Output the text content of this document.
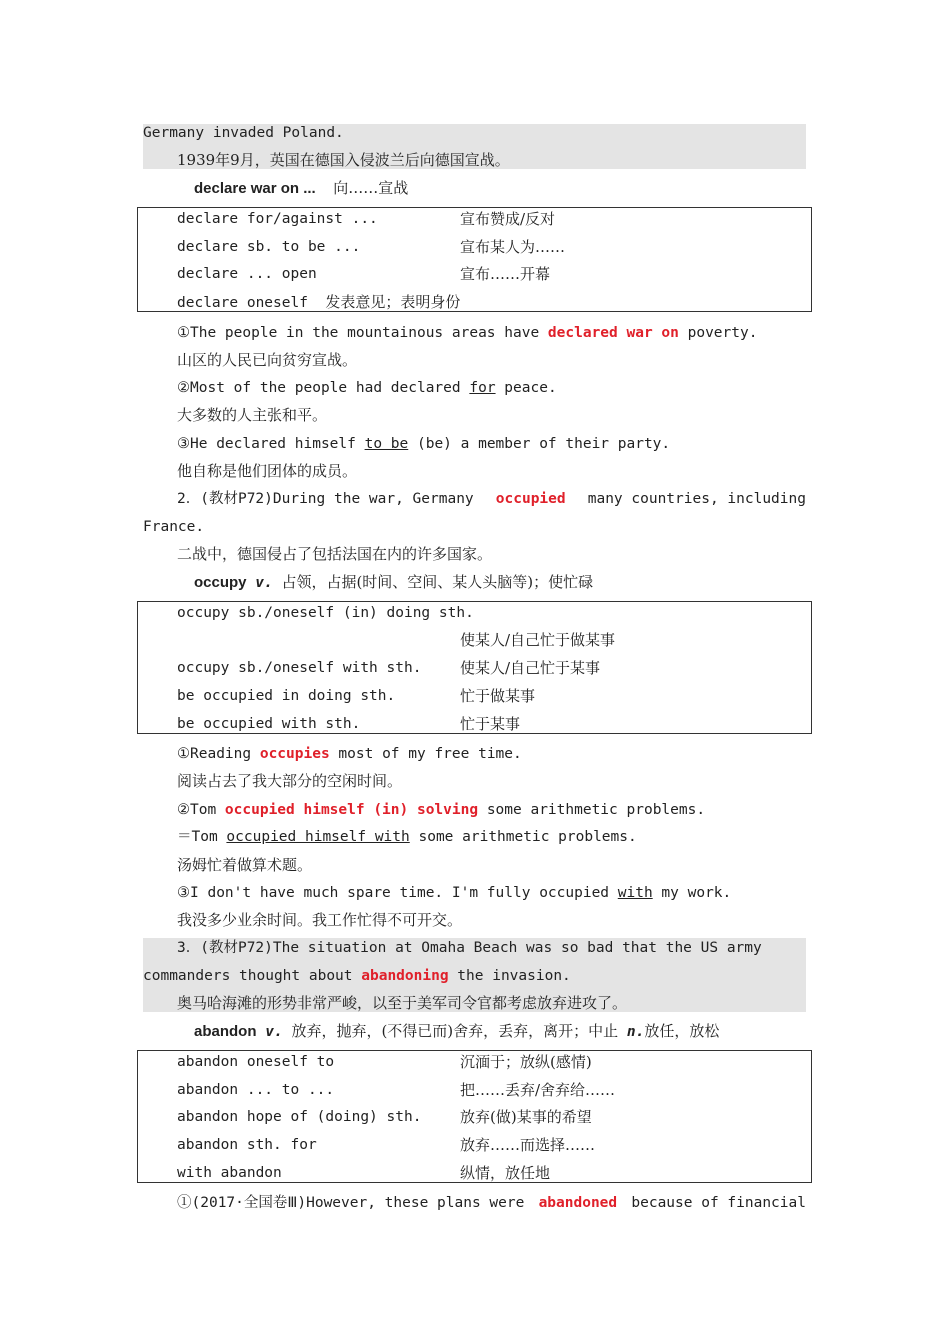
Germany invaded Poland.
1939年9月，英国在德国入侵波兰后向德国宣战。
declare war on ... 向……宣战
declare for/against ...	宣布赞成/反对
declare sb. to be ...	宣布某人为……
declare ... open	宣布……开幕
declare oneself 发表意见；表明身份
①The people in the mountainous areas have declared war on poverty.
山区的人民已向贫穷宣战。
②Most of the people had declared for peace.
大多数的人主张和平。
③He declared himself to be (be) a member of their party.
他自称是他们团体的成员。
2．(教材P72)During the war, Germany occupied many countries, including
France.
二战中，德国侵占了包括法国在内的许多国家。
occupy v. 占领，占据(时间、空间、某人头脑等)；使忙碌
occupy sb./oneself (in) doing sth.
使某人/自己忙于做某事
occupy sb./oneself with sth.	使某人/自己忙于某事
be occupied in doing sth.	忙于做某事
be occupied with sth.	忙于某事
①Reading occupies most of my free time.
阅读占去了我大部分的空闲时间。
②Tom occupied himself (in) solving some arithmetic problems.
＝Tom occupied himself with some arithmetic problems.
汤姆忙着做算术题。
③I don't have much spare time. I'm fully occupied with my work.
我没多少业余时间。我工作忙得不可开交。
3．(教材P72)The situation at Omaha Beach was so bad that the US army
commanders thought about abandoning the invasion.
奥马哈海滩的形势非常严峻，以至于美军司令官都考虑放弃进攻了。
abandon v. 放弃，抛弃，(不得已而)舍弃，丢弃，离开；中止 n.放任，放松
abandon oneself to	沉湎于；放纵(感情)
abandon ... to ...	把……丢弃/舍弃给……
abandon hope of (doing) sth.	放弃(做)某事的希望
abandon sth. for	放弃……而选择……
with abandon	纵情，放任地
①(2017·全国卷Ⅲ)However, these plans were abandoned because of financial
